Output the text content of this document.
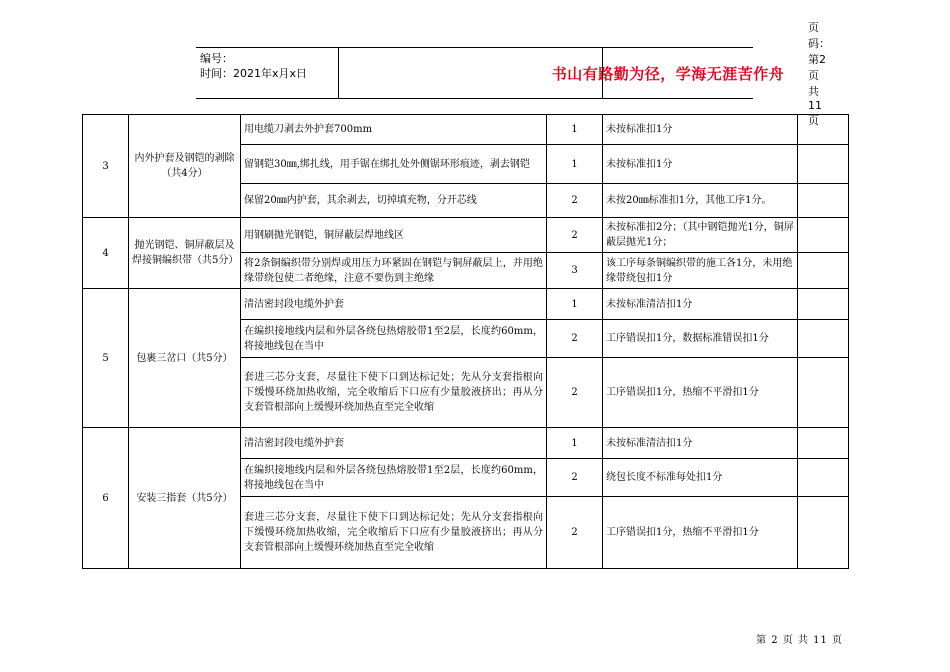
编号：
时间：2021年x月x日	书山有路勤为径，学海无涯苦作舟
页码：第2页 共11页
3	内外护套及钢铠的剥除（共4分）	用电缆刀剥去外护套700mm	1	未按标准扣1分	
		留钢铠30㎜,绑扎线，用手锯在绑扎处外侧锯环形痕迹，剥去钢铠	1	未按标准扣1分	
		保留20㎜内护套，其余剥去，切掉填充物，分开芯线	2	未按20㎜标准扣1分，其他工序1分。	
4	抛光钢铠、铜屏蔽层及焊接铜编织带（共5分）	用钢刷抛光钢铠，铜屏蔽层焊地线区	2	未按标准扣2分；（其中钢铠抛光1分，铜屏蔽层抛光1分；	
		将2条铜编织带分别焊或用压力环紧固在钢铠与铜屏蔽层上，并用绝缘带绕包使二者绝缘，注意不要伤到主绝缘	3	该工序每条铜编织带的施工各1分，未用绝缘带绕包扣1分	
5	包裹三岔口（共5分）	清洁密封段电缆外护套	1	未按标准清洁扣1分	
		在编织接地线内层和外层各绕包热熔胶带1至2层，长度约60mm，将接地线包在当中	2	工序错误扣1分，数据标准错误扣1分	
		套进三芯分支套，尽量往下使下口到达标记处；先从分支套指根向下缓慢环绕加热收缩，完全收缩后下口应有少量胶液挤出；再从分支套管根部向上缓慢环绕加热直至完全收缩	2	工序错误扣1分，热缩不平滑扣1分	
6	安装三指套（共5分）	清洁密封段电缆外护套	1	未按标准清洁扣1分	
		在编织接地线内层和外层各绕包热熔胶带1至2层，长度约60mm，将接地线包在当中	2	绕包长度不标准每处扣1分	
		套进三芯分支套，尽量往下使下口到达标记处；先从分支套指根向下缓慢环绕加热收缩，完全收缩后下口应有少量胶液挤出；再从分支套管根部向上缓慢环绕加热直至完全收缩	2	工序错误扣1分，热缩不平滑扣1分	
第 2 页 共 11 页
